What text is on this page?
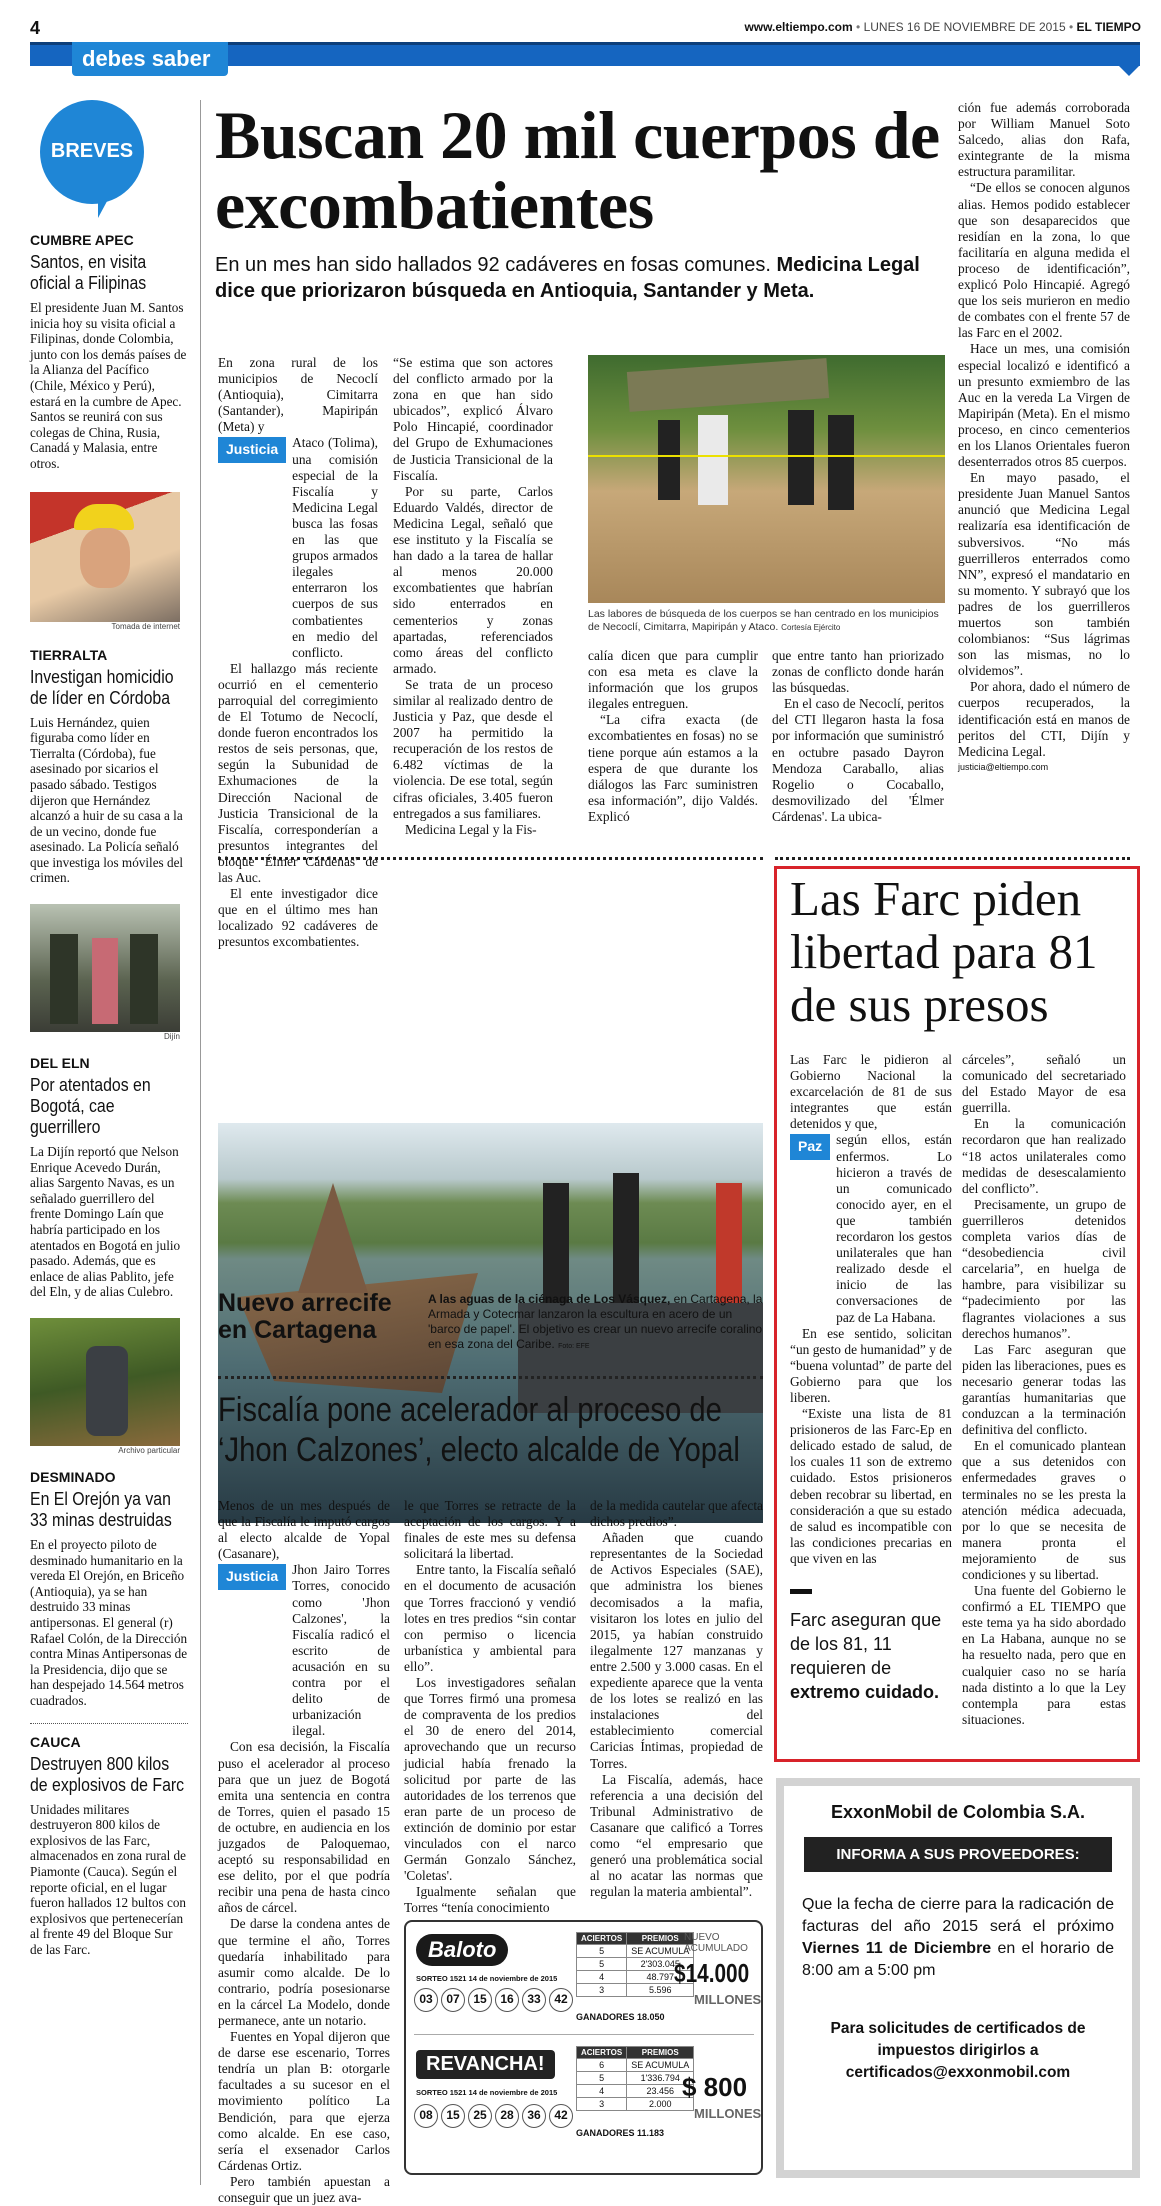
4	www.eltiempo.com • LUNES 16 DE NOVIEMBRE DE 2015 • EL TIEMPO
debes saber
BREVES
CUMBRE APEC
Santos, en visita oficial a Filipinas

El presidente Juan M. Santos inicia hoy su visita oficial a Filipinas, donde Colombia, junto con los demás países de la Alianza del Pacífico (Chile, México y Perú), estará en la cumbre de Apec. Santos se reunirá con sus colegas de China, Rusia, Canadá y Malasia, entre otros.

Tomada de internet
TIERRALTA
Investigan homicidio de líder en Córdoba

Luis Hernández, quien figuraba como líder en Tierralta (Córdoba), fue asesinado por sicarios el pasado sábado. Testigos dijeron que Hernández alcanzó a huir de su casa a la de un vecino, donde fue asesinado. La Policía señaló que investiga los móviles del crimen.

Dijín
DEL ELN
Por atentados en Bogotá, cae guerrillero

La Dijín reportó que Nelson Enrique Acevedo Durán, alias Sargento Navas, es un señalado guerrillero del frente Domingo Laín que habría participado en los atentados en Bogotá en julio pasado. Además, que es enlace de alias Pablito, jefe del Eln, y de alias Culebro.

Archivo particular
DESMINADO
En El Orejón ya van 33 minas destruidas

En el proyecto piloto de desminado humanitario en la vereda El Orejón, en Briceño (Antioquia), ya se han destruido 33 minas antipersonas. El general (r) Rafael Colón, de la Dirección contra Minas Antipersonas de la Presidencia, dijo que se han despejado 14.564 metros cuadrados.

CAUCA
Destruyen 800 kilos de explosivos de Farc

Unidades militares destruyeron 800 kilos de explosivos de las Farc, almacenados en zona rural de Piamonte (Cauca). Según el reporte oficial, en el lugar fueron hallados 12 bultos con explosivos que pertenecerían al frente 49 del Bloque Sur de las Farc.

Buscan 20 mil cuerpos de excombatientes
En un mes han sido hallados 92 cadáveres en fosas comunes. Medicina Legal dice que priorizaron búsqueda en Antioquia, Santander y Meta.

En zona rural de los municipios de Necoclí (Antioquia), Cimitarra (Santander), Mapiripán (Meta) y

Justicia	Ataco (Tolima), una comisión especial de la Fiscalía y Medicina Legal busca las fosas en las que grupos armados ilegales enterraron los cuerpos de sus combatientes en medio del conflicto.

El hallazgo más reciente ocurrió en el cementerio parroquial del corregimiento de El Totumo de Necoclí, donde fueron encontrados los restos de seis personas, que, según la Subunidad de Exhumaciones de la Dirección Nacional de Justicia Transicional de la Fiscalía, corresponderían a presuntos integrantes del bloque 'Élmer Cárdenas' de las Auc.

El ente investigador dice que en el último mes han localizado 92 cadáveres de presuntos excombatientes.

“Se estima que son actores del conflicto armado por la zona en que han sido ubicados”, explicó Álvaro Polo Hincapié, coordinador del Grupo de Exhumaciones de Justicia Transicional de la Fiscalía.

Por su parte, Carlos Eduardo Valdés, director de Medicina Legal, señaló que ese instituto y la Fiscalía se han dado a la tarea de hallar al menos 20.000 excombatientes que habrían sido enterrados en cementerios y zonas apartadas, referenciados como áreas del conflicto armado.

Se trata de un proceso similar al realizado dentro de Justicia y Paz, que desde el 2007 ha permitido la recuperación de los restos de 6.482 víctimas de la violencia. De ese total, según cifras oficiales, 3.405 fueron entregados a sus familiares.

Medicina Legal y la Fis-

Las labores de búsqueda de los cuerpos se han centrado en los municipios de Necoclí, Cimitarra, Mapiripán y Ataco. Cortesía Ejército

calía dicen que para cumplir con esa meta es clave la información que los grupos ilegales entreguen.

“La cifra exacta (de excombatientes en fosas) no se tiene porque aún estamos a la espera de que durante los diálogos las Farc suministren esa información”, dijo Valdés. Explicó

que entre tanto han priorizado zonas de conflicto donde harán las búsquedas.

En el caso de Necoclí, peritos del CTI llegaron hasta la fosa por información que suministró en octubre pasado Dayron Mendoza Caraballo, alias Rogelio o Cocaballo, desmovilizado del 'Élmer Cárdenas'. La ubica-

ción fue además corroborada por William Manuel Soto Salcedo, alias don Rafa, exintegrante de la misma estructura paramilitar.

“De ellos se conocen algunos alias. Hemos podido establecer que son desaparecidos que residían en la zona, lo que facilitaría en alguna medida el proceso de identificación”, explicó Polo Hincapié. Agregó que los seis murieron en medio de combates con el frente 57 de las Farc en el 2002.

Hace un mes, una comisión especial localizó e identificó a un presunto exmiembro de las Auc en la vereda La Virgen de Mapiripán (Meta). En el mismo proceso, en cinco cementerios en los Llanos Orientales fueron desenterrados otros 85 cuerpos.

En mayo pasado, el presidente Juan Manuel Santos anunció que Medicina Legal realizaría esa identificación de subversivos. “No más guerrilleros enterrados como NN”, expresó el mandatario en su momento. Y subrayó que los padres de los guerrilleros muertos son también colombianos: “Sus lágrimas son las mismas, no lo olvidemos”.

Por ahora, dado el número de cuerpos recuperados, la identificación está en manos de peritos del CTI, Dijín y Medicina Legal.

justicia@eltiempo.com
Nuevo arrecife en Cartagena
A las aguas de la ciénaga de Los Vásquez, en Cartagena, la Armada y Cotecmar lanzaron la escultura en acero de un 'barco de papel'. El objetivo es crear un nuevo arrecife coralino en esa zona del Caribe. Foto: EFE
Fiscalía pone acelerador al proceso de ‘Jhon Calzones’, electo alcalde de Yopal

Menos de un mes después de que la Fiscalía le imputó cargos al electo alcalde de Yopal (Casanare),

Justicia	Jhon Jairo Torres Torres, conocido como 'Jhon Calzones', la Fiscalía radicó el escrito de acusación en su contra por el delito de urbanización ilegal.

Con esa decisión, la Fiscalía puso el acelerador al proceso para que un juez de Bogotá emita una sentencia en contra de Torres, quien el pasado 15 de octubre, en audiencia en los juzgados de Paloquemao, aceptó su responsabilidad en ese delito, por el que podría recibir una pena de hasta cinco años de cárcel.

De darse la condena antes de que termine el año, Torres quedaría inhabilitado para asumir como alcalde. De lo contrario, podría posesionarse en la cárcel La Modelo, donde permanece, ante un notario.

Fuentes en Yopal dijeron que de darse ese escenario, Torres tendría un plan B: otorgarle facultades a su sucesor en el movimiento político La Bendición, para que ejerza como alcalde. En ese caso, sería el exsenador Carlos Cárdenas Ortiz.

Pero también apuestan a conseguir que un juez ava-

le que Torres se retracte de la aceptación de los cargos. Y a finales de este mes su defensa solicitará la libertad.

Entre tanto, la Fiscalía señaló en el documento de acusación que Torres fraccionó y vendió lotes en tres predios “sin contar con permiso o licencia urbanística y ambiental para ello”.

Los investigadores señalan que Torres firmó una promesa de compraventa de los predios el 30 de enero del 2014, aprovechando que un recurso judicial había frenado la solicitud por parte de las autoridades de los terrenos que eran parte de un proceso de extinción de dominio por estar vinculados con el narco Germán Gonzalo Sánchez, 'Coletas'.

Igualmente señalan que Torres “tenía conocimiento

de la medida cautelar que afecta dichos predios”.

Añaden que cuando representantes de la Sociedad de Activos Especiales (SAE), que administra los bienes decomisados a la mafia, visitaron los lotes en julio del 2015, ya habían construido ilegalmente 127 manzanas y entre 2.500 y 3.000 casas. En el expediente aparece que la venta de los lotes se realizó en las instalaciones del establecimiento comercial Caricias Íntimas, propiedad de Torres.

La Fiscalía, además, hace referencia a una decisión del Tribunal Administrativo de Casanare que calificó a Torres como “el empresario que generó una problemática social al no acatar las normas que regulan la materia ambiental”.

Baloto
SORTEO 1521 14 de noviembre de 2015
03 07 15 16 33 42
ACIERTOS	PREMIOS
5	SE ACUMULA
5	2'303.045
4	48.797
3	5.596
GANADORES 18.050
NUEVO ACUMULADO
$14.000
MILLONES
REVANCHA!
SORTEO 1521 14 de noviembre de 2015
08 15 25 28 36 42
ACIERTOS	PREMIOS
6	SE ACUMULA
5	1'336.794
4	23.456
3	2.000
GANADORES 11.183
$ 800
MILLONES
Las Farc piden libertad para 81 de sus presos

Las Farc le pidieron al Gobierno Nacional la excarcelación de 81 de sus integrantes que están detenidos y que,

Paz	según ellos, están enfermos. Lo hicieron a través de un comunicado conocido ayer, en el que también recordaron los gestos unilaterales que han realizado desde el inicio de las conversaciones de paz de La Habana.

En ese sentido, solicitan “un gesto de humanidad” y de “buena voluntad” de parte del Gobierno para que los liberen.

“Existe una lista de 81 prisioneros de las Farc-Ep en delicado estado de salud, de los cuales 11 son de extremo cuidado. Estos prisioneros deben recobrar su libertad, en consideración a que su estado de salud es incompatible con las condiciones precarias en que viven en las

Farc aseguran que de los 81, 11 requieren de extremo cuidado.

cárceles”, señaló un comunicado del secretariado del Estado Mayor de esa guerrilla.

En la comunicación recordaron que han realizado “18 actos unilaterales como medidas de desescalamiento del conflicto”.

Precisamente, un grupo de guerrilleros detenidos completa varios días de “desobediencia civil carcelaria”, en huelga de hambre, para visibilizar su “padecimiento por las flagrantes violaciones a sus derechos humanos”.

Las Farc aseguran que piden las liberaciones, pues es necesario generar todas las garantías humanitarias que conduzcan a la terminación definitiva del conflicto.

En el comunicado plantean que a sus detenidos con enfermedades graves o terminales no se les presta la atención médica adecuada, por lo que se necesita de manera pronta el mejoramiento de sus condiciones y su libertad.

Una fuente del Gobierno le confirmó a EL TIEMPO que este tema ya ha sido abordado en La Habana, aunque no se ha resuelto nada, pero que en cualquier caso no se haría nada distinto a lo que la Ley contempla para estas situaciones.

ExxonMobil de Colombia S.A.
INFORMA A SUS PROVEEDORES:

Que la fecha de cierre para la radicación de facturas del año 2015 será el próximo Viernes 11 de Diciembre en el horario de 8:00 am a 5:00 pm

Para solicitudes de certificados de impuestos dirigirlos a certificados@exxonmobil.com
